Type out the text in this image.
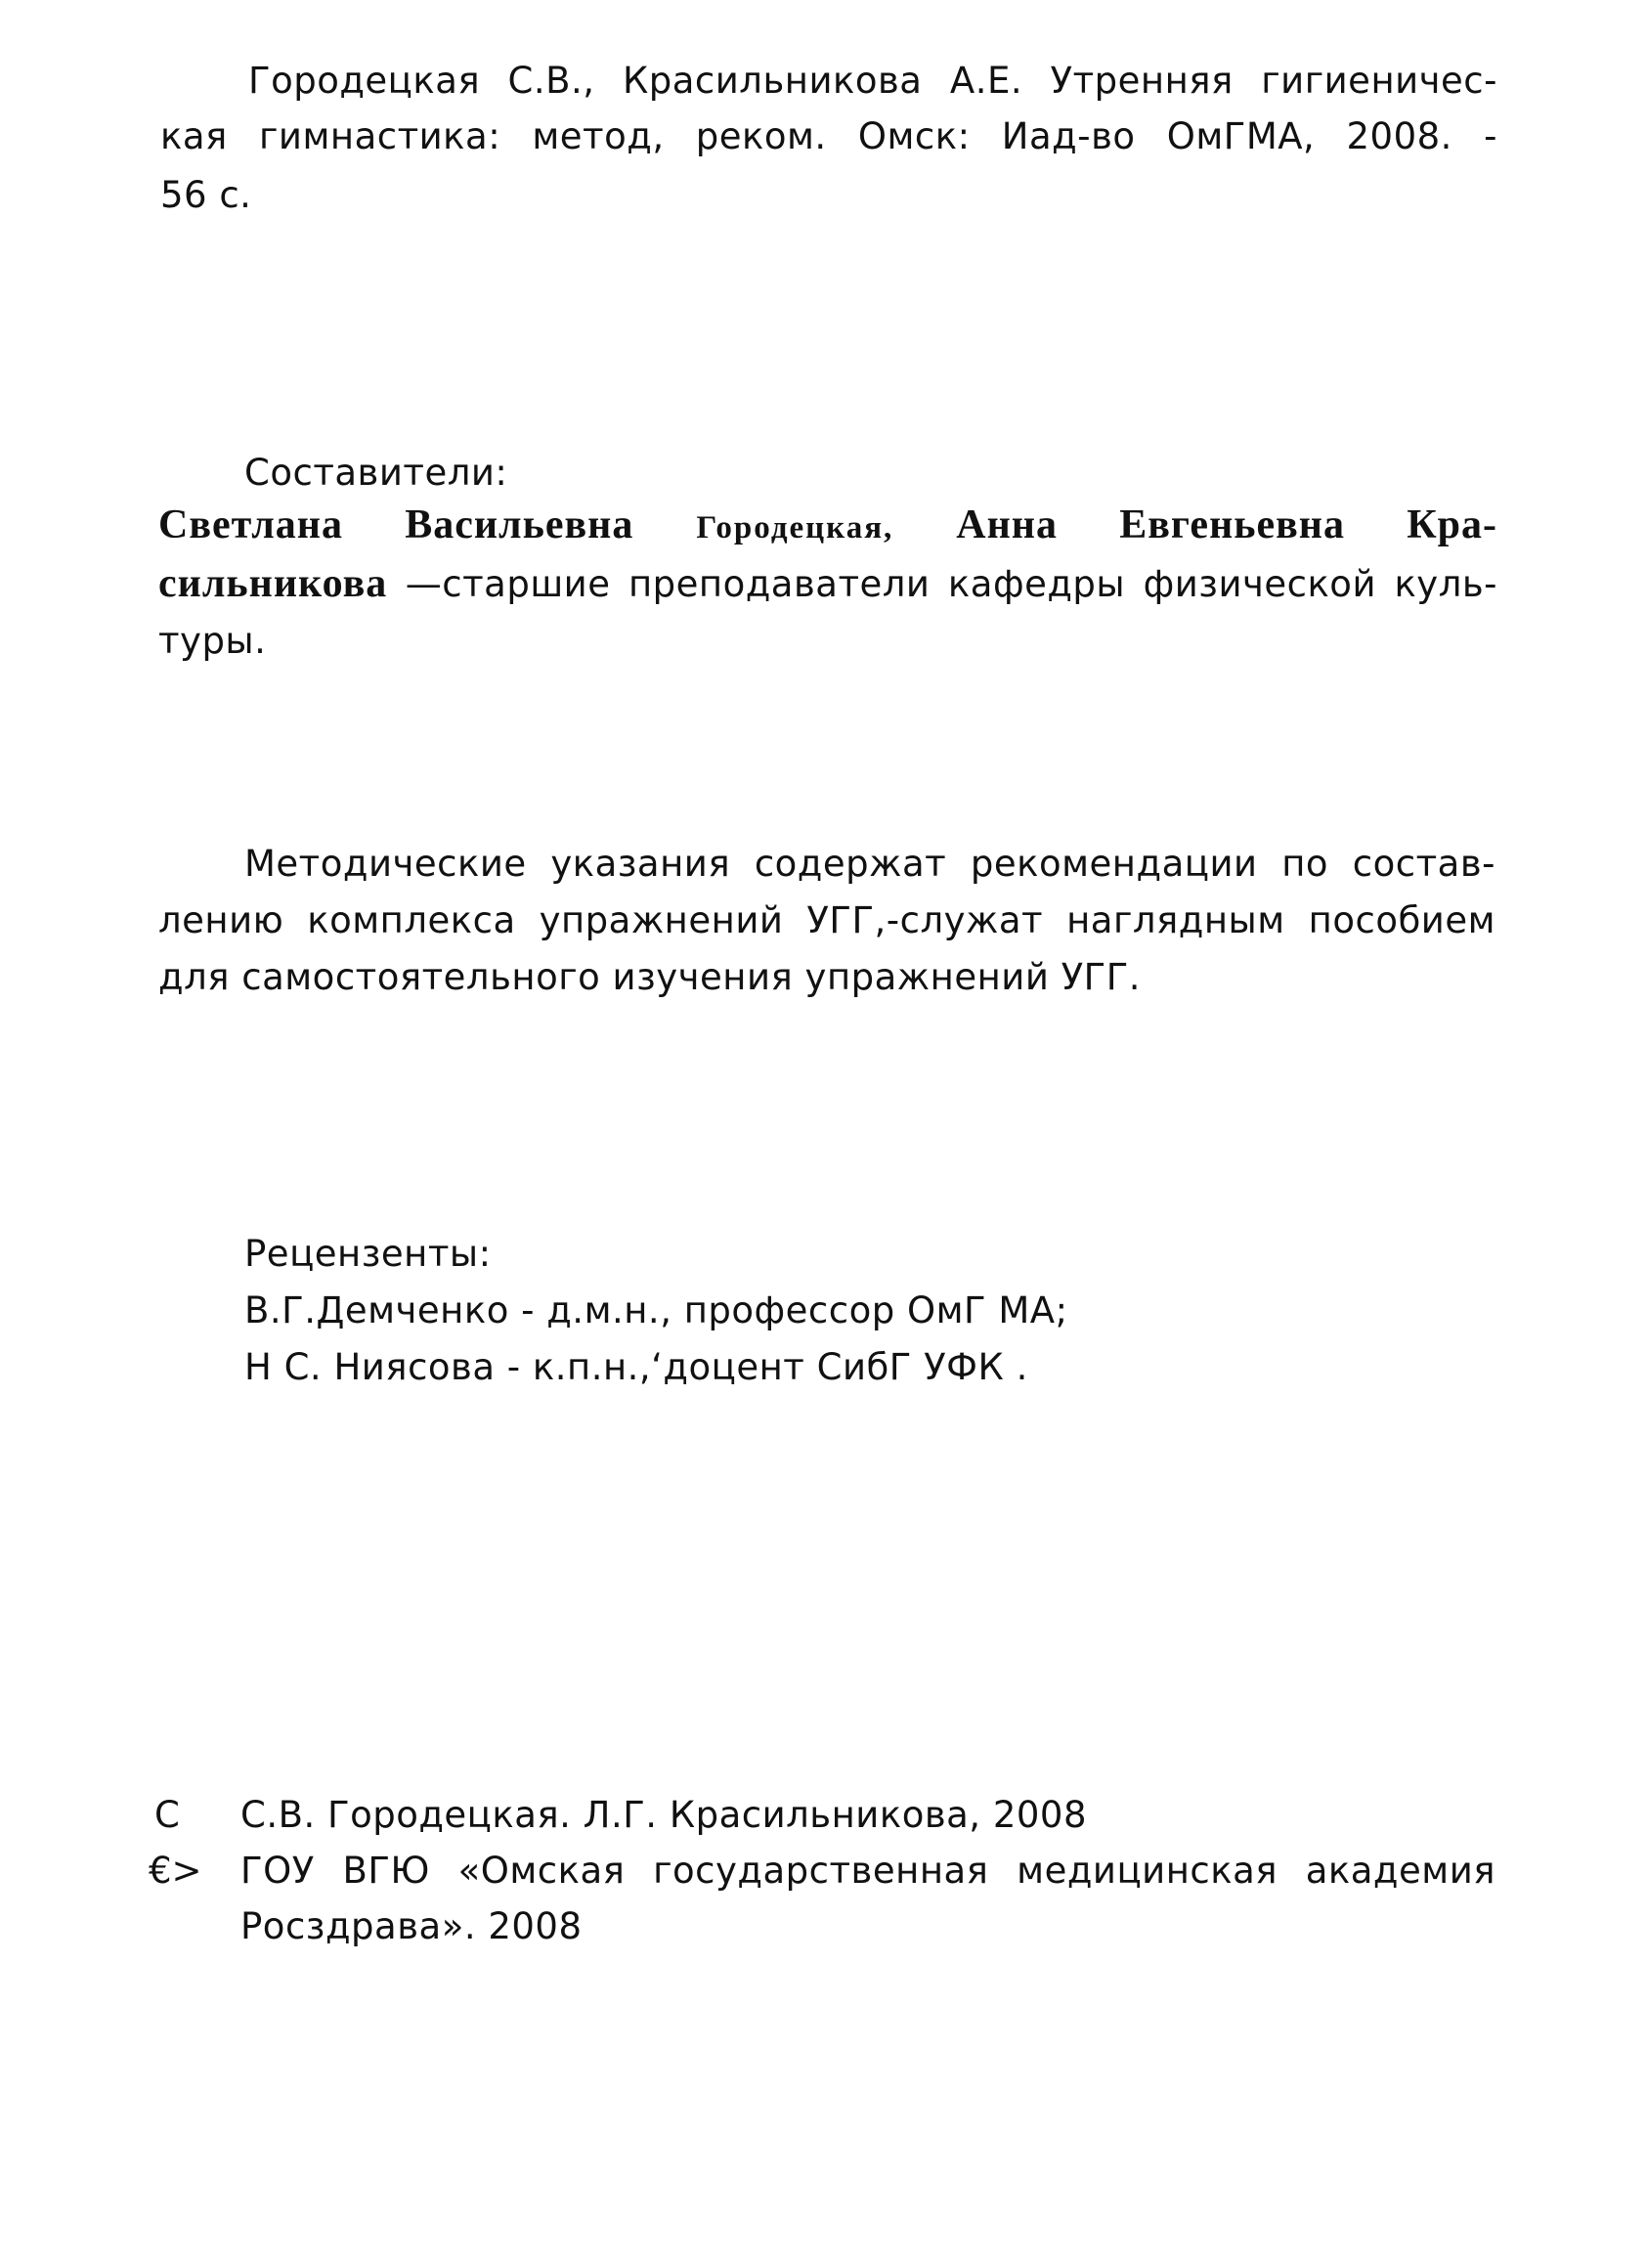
Городецкая С.В., Красильникова А.Е. Утренняя гигиеничес-
кая гимнастика: метод, реком. Омск: Иад-во ОмГМА, 2008. -
56 с.
Составители:
Светлана Васильевна Городецкая, Анна Евгеньевна Кра-
сильникова —старшие преподаватели кафедры физической куль-
туры.
Методические указания содержат рекомендации по состав-
лению комплекса упражнений УГГ,-служат наглядным пособием
для самостоятельного изучения упражнений УГГ.
Рецензенты:
В.Г.Демченко - д.м.н., профессор ОмГ МА;
Н С. Ниясова - к.п.н.,‘доцент СибГ УФК .
С С.В. Городецкая. Л.Г. Красильникова, 2008
€> ГОУ ВГЮ «Омская государственная медицинская академия
Росздрава». 2008
